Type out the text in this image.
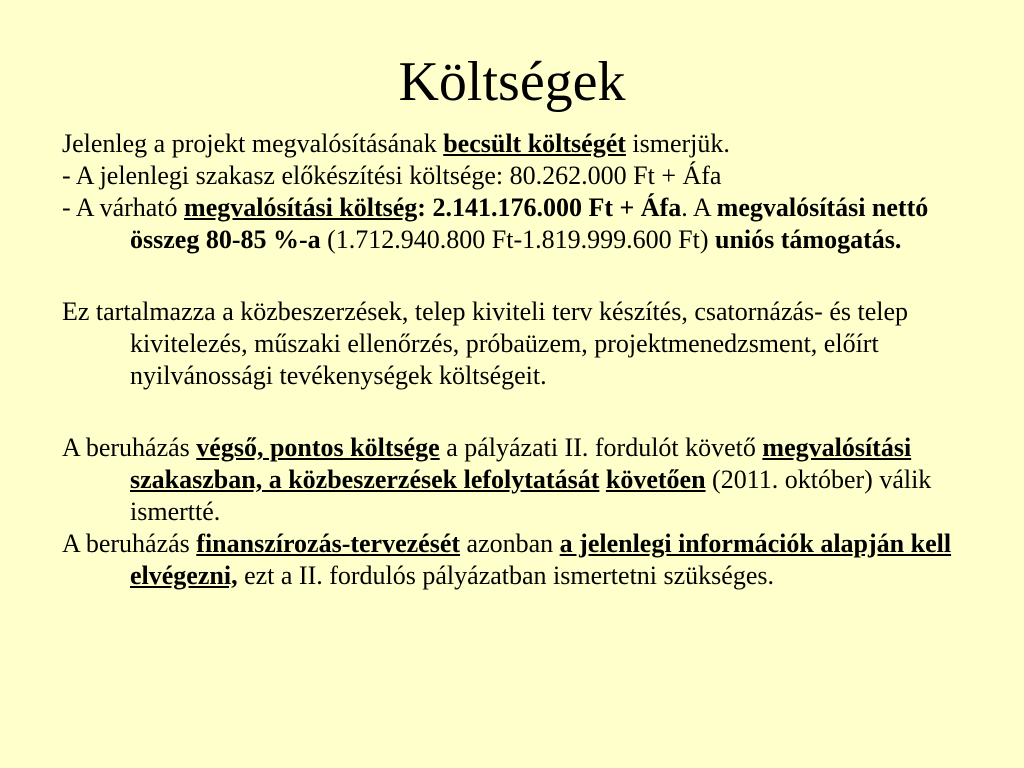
Költségek

Jelenleg a projekt megvalósításának becsült költségét ismerjük.

- A jelenlegi szakasz előkészítési költsége: 80.262.000 Ft + Áfa

- A várható megvalósítási költség: 2.141.176.000 Ft + Áfa. A megvalósítási nettó összeg 80-85 %-a (1.712.940.800 Ft-1.819.999.600 Ft) uniós támogatás.

Ez tartalmazza a közbeszerzések, telep kiviteli terv készítés, csatornázás- és telep kivitelezés, műszaki ellenőrzés, próbaüzem, projektmenedzsment, előírt nyilvánossági tevékenységek költségeit.

A beruházás végső, pontos költsége a pályázati II. fordulót követő megvalósítási szakaszban, a közbeszerzések lefolytatását követően (2011. október) válik ismertté.

A beruházás finanszírozás-tervezését azonban a jelenlegi információk alapján kell elvégezni, ezt a II. fordulós pályázatban ismertetni szükséges.
